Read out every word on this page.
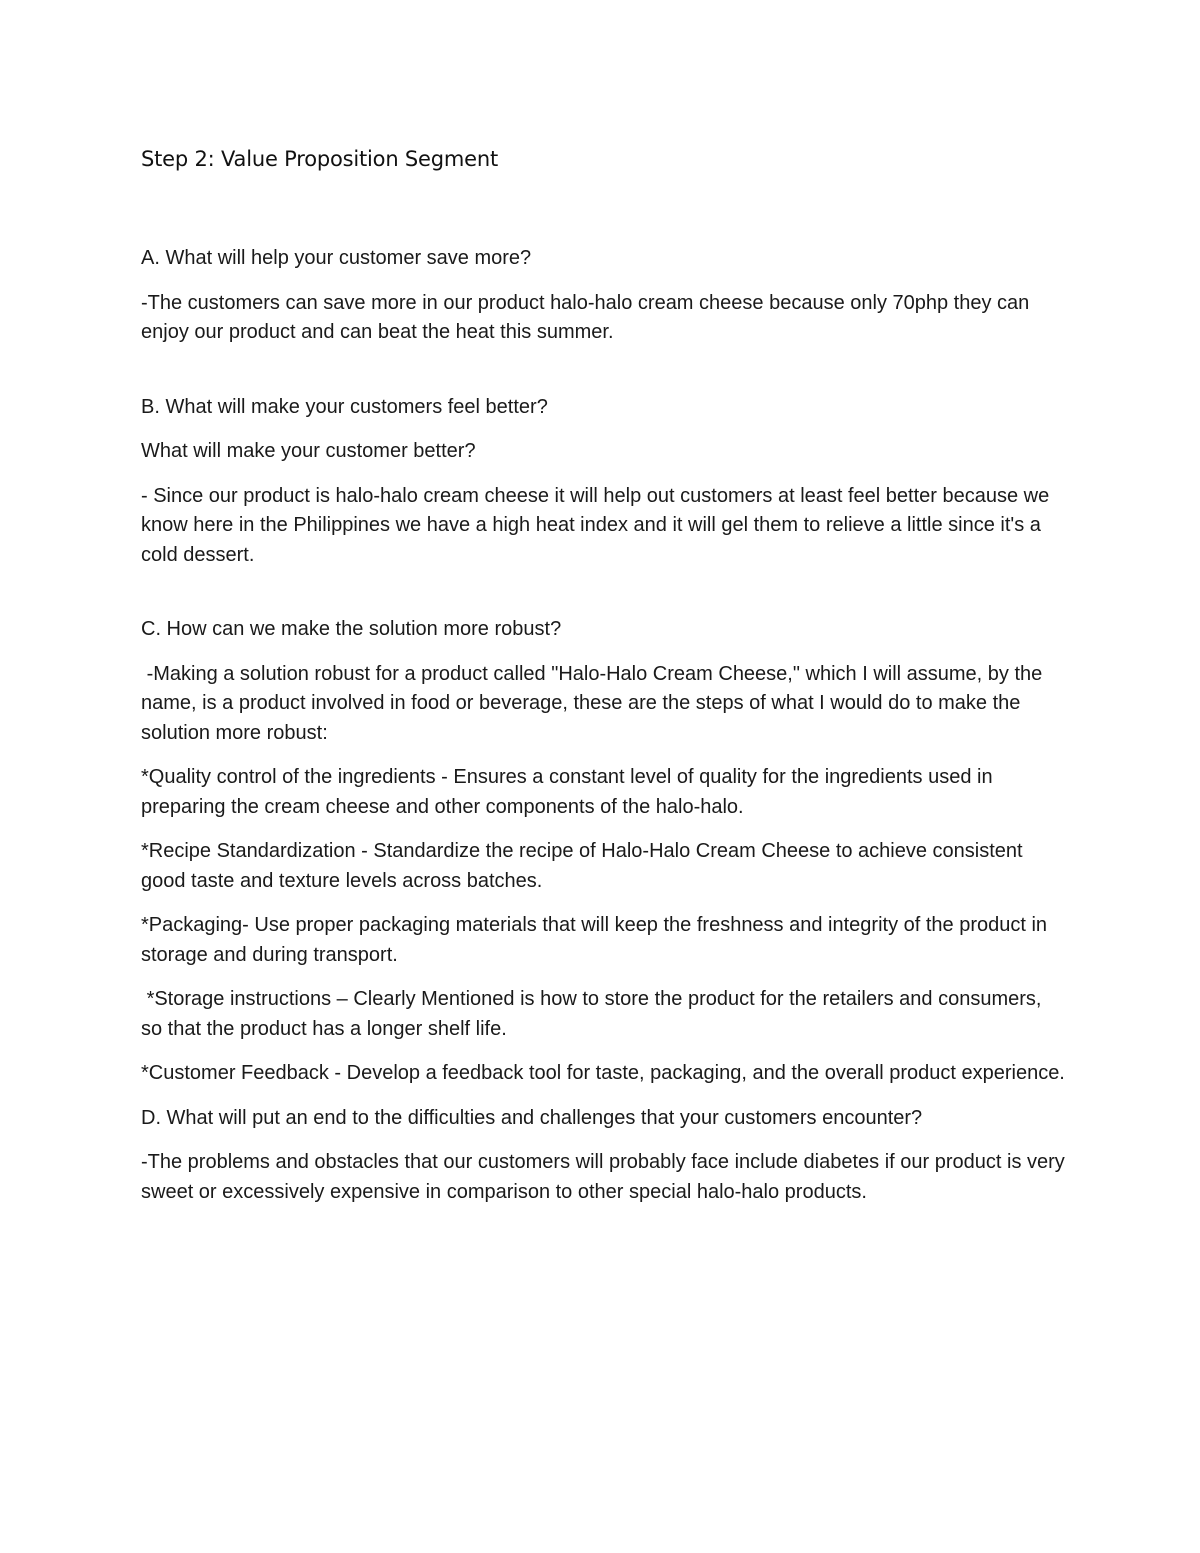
Step 2: Value Proposition Segment

A. What will help your customer save more?

-The customers can save more in our product halo-halo cream cheese because only 70php they can enjoy our product and can beat the heat this summer.

B. What will make your customers feel better?

What will make your customer better?

- Since our product is halo-halo cream cheese it will help out customers at least feel better because we know here in the Philippines we have a high heat index and it will gel them to relieve a little since it's a cold dessert.

C. How can we make the solution more robust?

-Making a solution robust for a product called "Halo-Halo Cream Cheese," which I will assume, by the name, is a product involved in food or beverage, these are the steps of what I would do to make the solution more robust:

*Quality control of the ingredients - Ensures a constant level of quality for the ingredients used in preparing the cream cheese and other components of the halo-halo.

*Recipe Standardization - Standardize the recipe of Halo-Halo Cream Cheese to achieve consistent good taste and texture levels across batches.

*Packaging- Use proper packaging materials that will keep the freshness and integrity of the product in storage and during transport.

*Storage instructions – Clearly Mentioned is how to store the product for the retailers and consumers, so that the product has a longer shelf life.

*Customer Feedback - Develop a feedback tool for taste, packaging, and the overall product experience.

D. What will put an end to the difficulties and challenges that your customers encounter?

-The problems and obstacles that our customers will probably face include diabetes if our product is very sweet or excessively expensive in comparison to other special halo-halo products.
